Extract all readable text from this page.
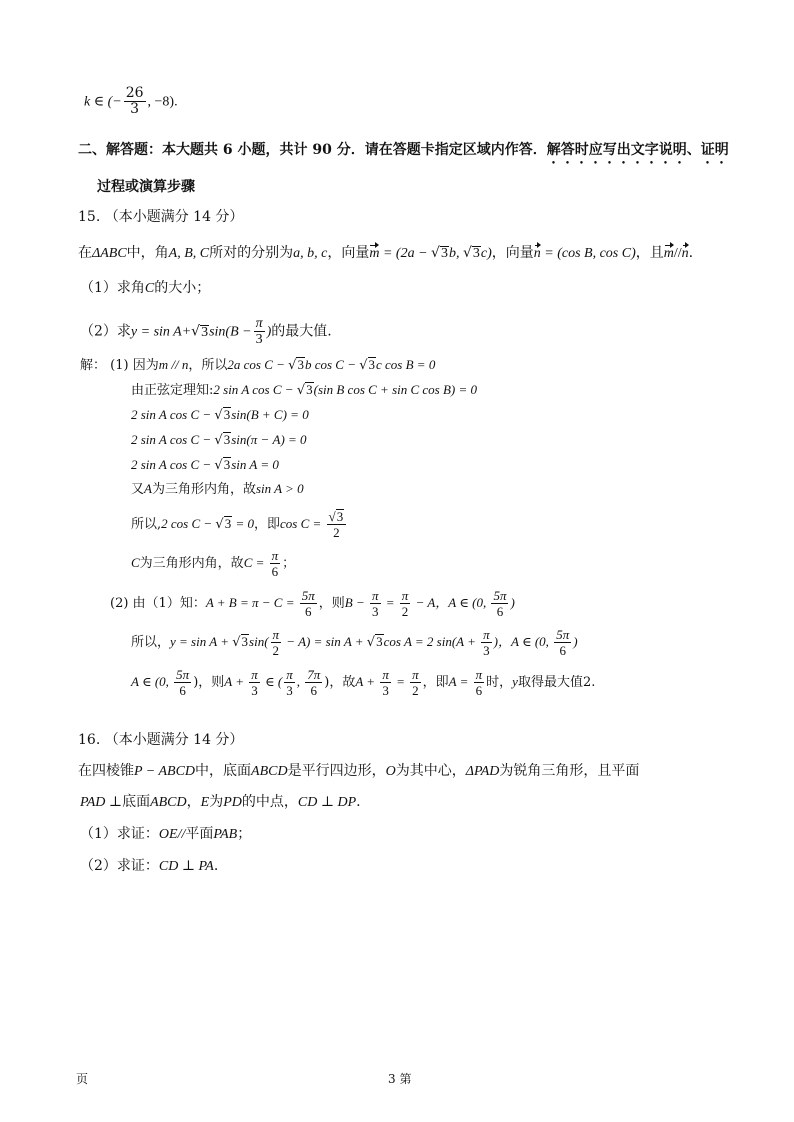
k ∈ (− $\frac{26}{3}$ , −8).
二、解答题：本大题共 6 小题，共计 90 分．请在答题卡指定区域内作答．解答时应写出文字说明、证明
过程或演算步骤
15. （本小题满分 14 分）
在ΔABC中，角A, B, C所对的分别为a, b, c，向量m = (2a − √3b, √3c)，向量n = (cos B, cos C)，且m//n.
（1）求角C的大小；
（2）求$y = \sin A+√3\sin(B - \frac{\pi}{3}$ )的最大值.
解： (1) 因为m // n，所以2a cos C − √3b cos C − √3c cos B = 0
由正弦定理知:2 sin A cos C − √3(sin B cos C + sin C cos B) = 0
2 sin A cos C − √3sin(B + C) = 0
2 sin A cos C − √3sin(π − A) = 0
2 sin A cos C − √3sin A = 0
又A为三角形内角，故sin A > 0
所以,2 cos C − √3 = 0，即$\cos C = \frac{√3}{2}$
C为三角形内角，故$C = \frac{\pi}{6}$ ；
(2) 由（1）知：$A + B = \pi - C = \frac{5\pi}{6}$ ，则$B - \frac{\pi}{3} = \frac{\pi}{2} - A$，A ∈ (0, $\frac{5\pi}{6}$ )
所以，$y = \sin A + √3\sin( \frac{\pi}{2} - A) = \sin A + √3\cos$ A = 2 $\sin(A + \frac{\pi}{3}$ )，A ∈ (0, $\frac{5\pi}{6}$ )
A ∈ (0, $\frac{5\pi}{6}$ )，则$A + \frac{\pi}{3}$ ∈ ( $\frac{\pi}{3}$ , $\frac{7\pi}{6}$ )，故$A + \frac{\pi}{3} = \frac{\pi}{2}$ ，即$A = \frac{\pi}{6}$ 时，y取得最大值2.
16. （本小题满分 14 分）
在四棱锥P − ABCD中，底面ABCD是平行四边形，O为其中心，ΔPAD为锐角三角形，且平面
PAD ⊥底面ABCD，E为PD的中点，CD ⊥ DP.
（1）求证：OE//平面PAB；
（2）求证：CD ⊥ PA.
页	3 第
